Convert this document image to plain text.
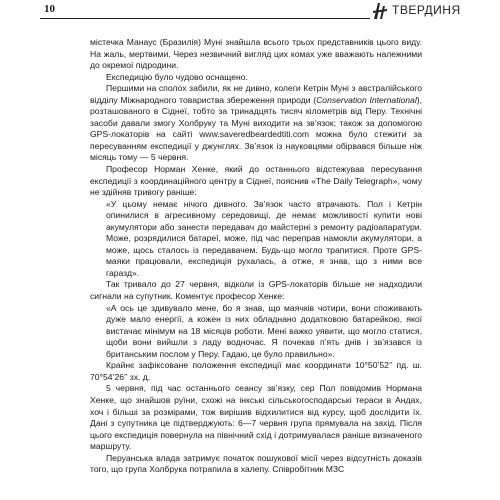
10	ТВЕРДИНЯ

містечка Манаус (Бразилія) Муні знайшла всього трьох представників цього виду. На жаль, мертвими. Через незвичний вигляд цих комах уже вважають належними до окремої підродини.

Експедицію було чудово оснащено.

Першими на сполох забили, як не дивно, колеги Кетрін Муні з австралійського відділу Міжнародного товариства збереження природи (Conservation International), розташованого в Сіднеї, тобто за тринадцять тисяч кілометрів від Перу. Технічні засоби давали змогу Холбруку та Муні виходити на зв’язок; також за допомогою GPS-локаторів на сайті www.saveredbeardedtiti.com можна було стежити за пересуванням експедиції у джунглях. Зв’язок із науковцями обірвався більше ніж місяць тому — 5 червня.

Професор Норман Хенке, який до останнього відстежував пересування експедиції з координаційного центру в Сіднеї, пояснив «The Daily Telegraph», чому не здійняв тривогу раніше:

«У цьому немає нічого дивного. Зв’язок часто втрачають. Пол і Кетрін опинилися в агресивному середовищі, де немає можливості купити нові акумулятори або занести передавач до майстерні з ремонту радіоапаратури. Може, розрядилися батареї, може, під час переправ намокли акумулятори, а може, щось сталось із передавачем. Будь-що могло трапитися. Проте GPS-маяки працювали, експедиція рухалась, а отже, я знав, що з ними все гаразд».

Так тривало до 27 червня, відколи із GPS-локаторів більше не надходили сигнали на супутник. Коментує професор Хенке:

«А ось це здивувало мене, бо я знав, що маячків чотири, вони споживають дуже мало енергії, а кожен із них обладнано додатковою батарейкою, якої вистачає мінімум на 18 місяців роботи. Мені важко уявити, що могло статися, щоби вони вийшли з ладу водночас. Я почекав п’ять днів і зв’язався із британським послом у Перу. Гадаю, це було правильно».

Крайнє зафіксоване положення експедиції має координати 10°50’52’’ пд. ш. 70°54’26’’ зх. д.

5 червня, під час останнього сеансу зв’язку, сер Пол повідомив Нормана Хенке, що знайшов руїни, схожі на інкські сільськогосподарські тераси в Андах, хоч і більші за розмірами, тож вирішив відхилитися від курсу, щоб дослідити їх. Дані з супутника це підтверджують: 6—7 червня група прямувала на захід. Після цього експедиція повернула на північний схід і дотримувалася раніше визначеного маршруту.

Перуанська влада затримує початок пошукової місії через відсутність доказів того, що група Холбрука потрапила в халепу. Співробітник МЗС
